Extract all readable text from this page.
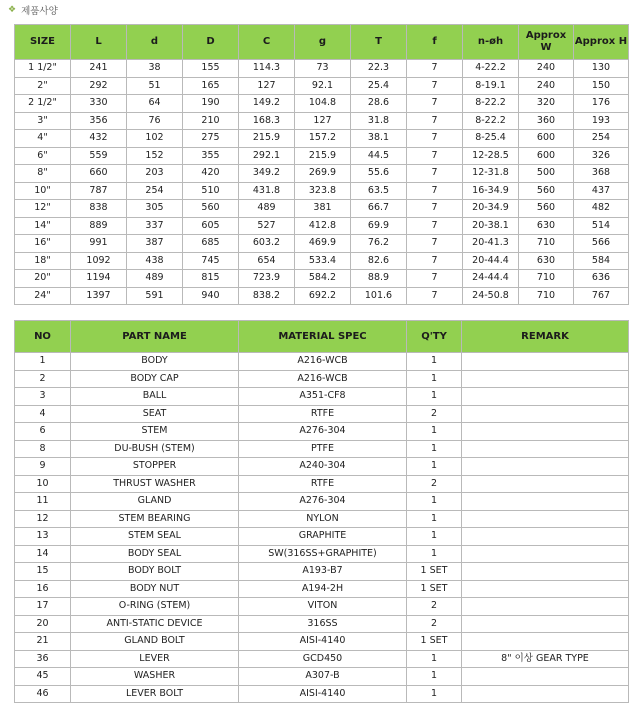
❖ 제품사양
SIZE	L	d	D	C	g	T	f	n-øh	Approx W	Approx H
1 1/2"	241	38	155	114.3	73	22.3	7	4-22.2	240	130
2"	292	51	165	127	92.1	25.4	7	8-19.1	240	150
2 1/2"	330	64	190	149.2	104.8	28.6	7	8-22.2	320	176
3"	356	76	210	168.3	127	31.8	7	8-22.2	360	193
4"	432	102	275	215.9	157.2	38.1	7	8-25.4	600	254
6"	559	152	355	292.1	215.9	44.5	7	12-28.5	600	326
8"	660	203	420	349.2	269.9	55.6	7	12-31.8	500	368
10"	787	254	510	431.8	323.8	63.5	7	16-34.9	560	437
12"	838	305	560	489	381	66.7	7	20-34.9	560	482
14"	889	337	605	527	412.8	69.9	7	20-38.1	630	514
16"	991	387	685	603.2	469.9	76.2	7	20-41.3	710	566
18"	1092	438	745	654	533.4	82.6	7	20-44.4	630	584
20"	1194	489	815	723.9	584.2	88.9	7	24-44.4	710	636
24"	1397	591	940	838.2	692.2	101.6	7	24-50.8	710	767
NO	PART NAME	MATERIAL SPEC	Q'TY	REMARK
1	BODY	A216-WCB	1	
2	BODY CAP	A216-WCB	1	
3	BALL	A351-CF8	1	
4	SEAT	RTFE	2	
6	STEM	A276-304	1	
8	DU-BUSH (STEM)	PTFE	1	
9	STOPPER	A240-304	1	
10	THRUST WASHER	RTFE	2	
11	GLAND	A276-304	1	
12	STEM BEARING	NYLON	1	
13	STEM SEAL	GRAPHITE	1	
14	BODY SEAL	SW(316SS+GRAPHITE)	1	
15	BODY BOLT	A193-B7	1 SET	
16	BODY NUT	A194-2H	1 SET	
17	O-RING (STEM)	VITON	2	
20	ANTI-STATIC DEVICE	316SS	2	
21	GLAND BOLT	AISI-4140	1 SET	
36	LEVER	GCD450	1	8" 이상 GEAR TYPE
45	WASHER	A307-B	1	
46	LEVER BOLT	AISI-4140	1	
